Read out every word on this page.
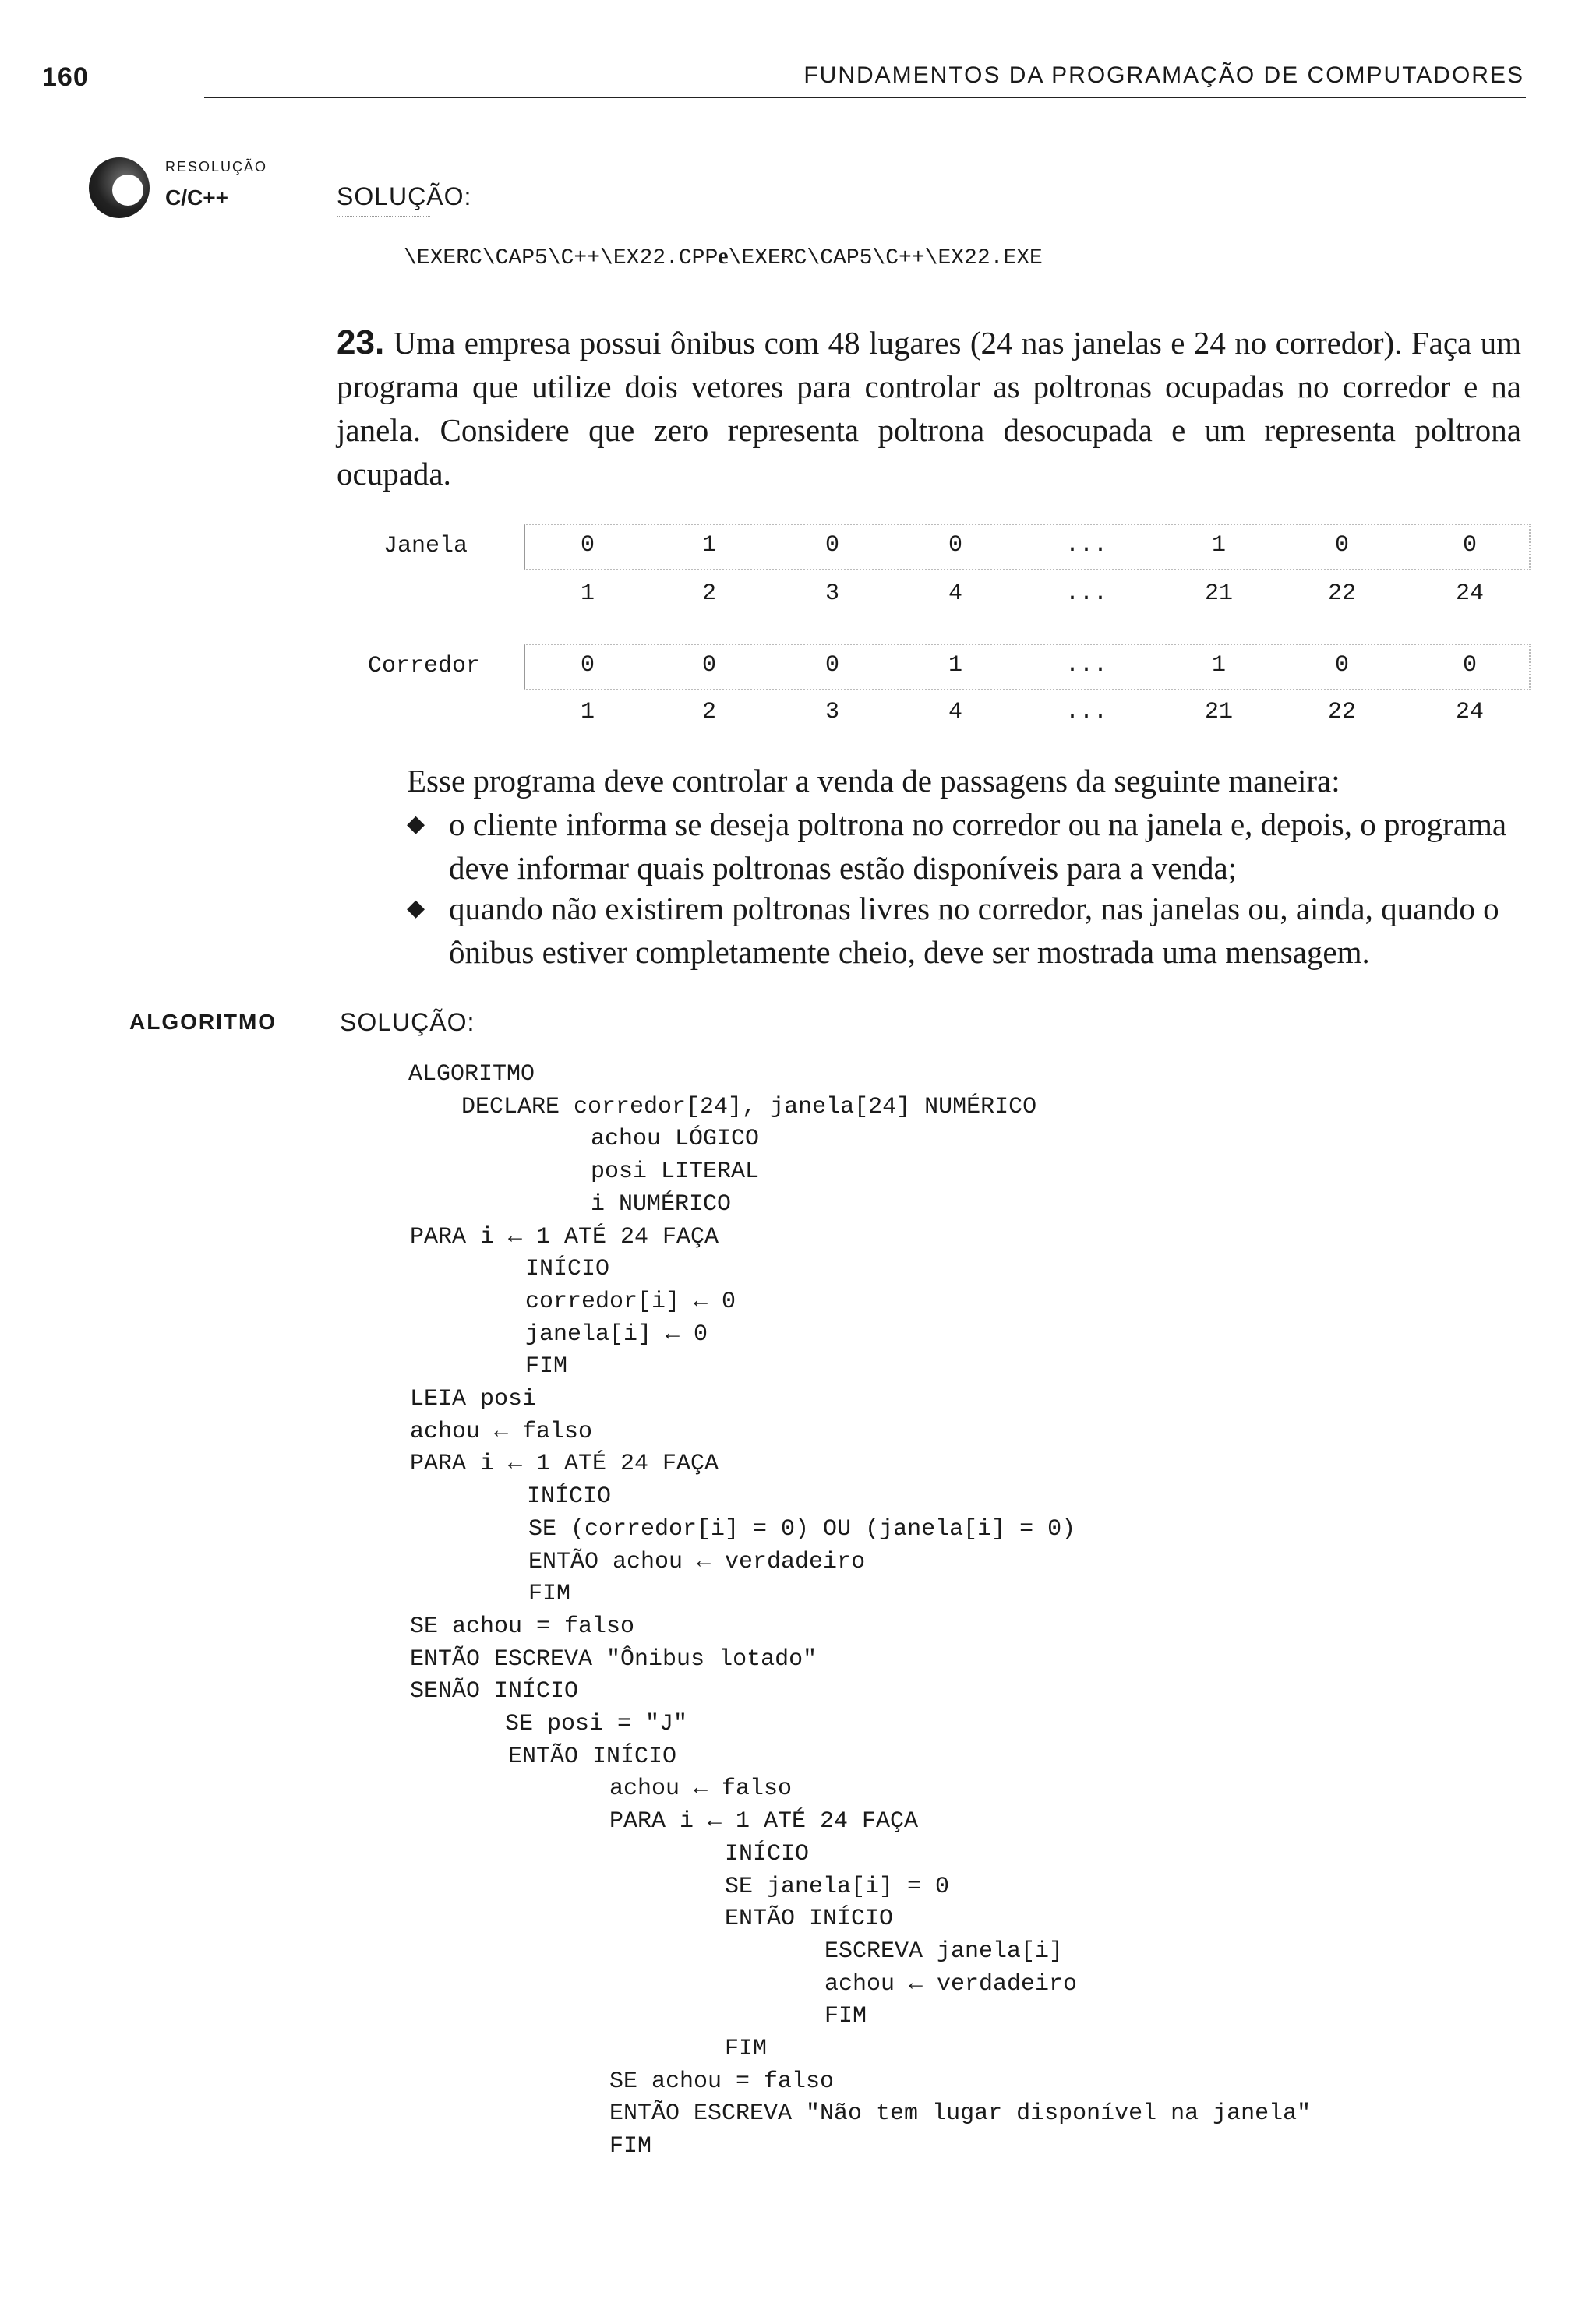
160	FUNDAMENTOS DA PROGRAMAÇÃO DE COMPUTADORES
RESOLUÇÃO
C/C++	SOLUÇÃO:
\EXERC\CAP5\C++\EX22.CPPe\EXERC\CAP5\C++\EX22.EXE
23. Uma empresa possui ônibus com 48 lugares (24 nas janelas e 24 no corredor). Faça um programa que utilize dois vetores para controlar as poltronas ocupadas no corredor e na janela. Considere que zero representa poltrona desocupada e um representa poltrona ocupada.
Janela	0	1	0	0	...	1	0	0
1	2	3	4	...	21	22	24
Corredor	0	0	0	1	...	1	0	0
1	2	3	4	...	21	22	24
Esse programa deve controlar a venda de passagens da seguinte maneira:
◆ o cliente informa se deseja poltrona no corredor ou na janela e, depois, o programa deve informar quais poltronas estão disponíveis para a venda;
◆ quando não existirem poltronas livres no corredor, nas janelas ou, ainda, quando o ônibus estiver completamente cheio, deve ser mostrada uma mensagem.
ALGORITMO	SOLUÇÃO:
ALGORITMO
DECLARE corredor[24], janela[24] NUMÉRICO
achou LÓGICO
posi LITERAL
i NUMÉRICO
PARA i ← 1 ATÉ 24 FAÇA
INÍCIO
corredor[i] ← 0
janela[i] ← 0
FIM
LEIA posi
achou ← falso
PARA i ← 1 ATÉ 24 FAÇA
INÍCIO
SE (corredor[i] = 0) OU (janela[i] = 0)
ENTÃO achou ← verdadeiro
FIM
SE achou = falso
ENTÃO ESCREVA "Ônibus lotado"
SENÃO INÍCIO
SE posi = "J"
ENTÃO INÍCIO
achou ← falso
PARA i ← 1 ATÉ 24 FAÇA
INÍCIO
SE janela[i] = 0
ENTÃO INÍCIO
ESCREVA janela[i]
achou ← verdadeiro
FIM
FIM
SE achou = falso
ENTÃO ESCREVA "Não tem lugar disponível na janela"
FIM
